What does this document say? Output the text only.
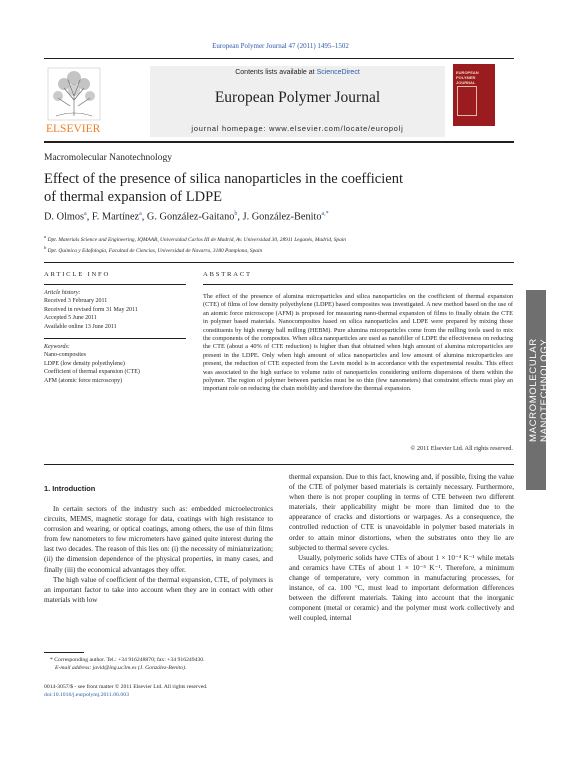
European Polymer Journal 47 (2011) 1495–1502
ELSEVIER
Contents lists available at ScienceDirect
European Polymer Journal
journal homepage: www.elsevier.com/locate/europolj
EUROPEAN POLYMER JOURNAL
Macromolecular Nanotechnology
Effect of the presence of silica nanoparticles in the coefficient
of thermal expansion of LDPE
D. Olmos$^a$, F. Martínez$^a$, G. González-Gaitano$^b$, J. González-Benito$^{a,*}$
$^a$ Dpt. Materials Science and Engineering, IQMAAB, Universidad Carlos III de Madrid, Av. Universidad 30, 28911 Leganés, Madrid, Spain
$^b$ Dpt. Química y Edafología, Facultad de Ciencias, Universidad de Navarra, 3180 Pamplona, Spain
ARTICLE INFO
Article history:
Received 3 February 2011
Received in revised form 31 May 2011
Accepted 5 June 2011
Available online 13 June 2011
Keywords:
Nano-composites
LDPE (low density polyethylene)
Coefficient of thermal expansion (CTE)
AFM (atomic force microscopy)
ABSTRACT
The effect of the presence of alumina microparticles and silica nanoparticles on the coefficient of thermal expansion (CTE) of films of low density polyethylene (LDPE) based composites was investigated. A new method based on the use of an atomic force microscope (AFM) is proposed for measuring nano-thermal expansion of films to finally obtain the CTE in polymer based materials. Nanocomposites based on silica nanoparticles and LDPE were prepared by mixing those constituents by high energy ball milling (HEBM). Pure alumina microparticles come from the milling tools used to mix the components of the composites. When silica nanoparticles are used as nanofiller of LDPE the effectiveness on reducing the CTE (about a 40% of CTE reduction) is higher than that obtained when high amount of alumina microparticles are present in the LDPE. Only when high amount of silica nanoparticles and low amount of alumina microparticles are present, the reduction of CTE expected from the Levin model is in accordance with the experimental results. This effect was associated to the high surface to volume ratio of nanoparticles considering uniform dispersions of them within the polymer. The region of polymer between particles must be so thin (few nanometers) that constraint effects must play an important role on reducing the chain mobility and therefore the thermal expansion.
© 2011 Elsevier Ltd. All rights reserved.
MACROMOLECULAR NANOTECHNOLOGY
1. Introduction

In certain sectors of the industry such as: embedded microelectronics circuits, MEMS, magnetic storage for data, coatings with high resistance to corrosion and wearing, or optical coatings, among others, the use of thin films from few nanometers to few micrometers have gained quite interest during the last two decades. The reason of this lies on: (i) the necessity of miniaturization; (ii) the dimension dependence of the physical properties, in many cases, and finally (iii) the economical advantages they offer.

The high value of coefficient of the thermal expansion, CTE, of polymers is an important factor to take into account when they are in contact with other materials with low

thermal expansion. Due to this fact, knowing and, if possible, fixing the value of the CTE of polymer based materials is certainly necessary. Furthermore, when there is not proper coupling in terms of CTE between two different materials, their applicability might be more than limited due to the appearance of cracks and distortions or warpages. As a consequence, the controlled reduction of CTE is unavoidable in polymer based materials in order to attain minor distortions, when the substrates onto they lie are subjected to thermal severe cycles.

Usually, polymeric solids have CTEs of about 1 × 10⁻⁴ K⁻¹ while metals and ceramics have CTEs of about 1 × 10⁻⁵ K⁻¹. Therefore, a minimum change of temperature, very common in manufacturing processes, for instance, of ca. 100 °C, must lead to important deformation differences between the different materials. Taking into account that the inorganic component (metal or ceramic) and the polymer must work collectively and well coupled, internal

* Corresponding author. Tel.: +34 916248870; fax: +34 916249430.
E-mail address: javid@ing.uc3m.es (J. González-Benito).
0014-3057/$ - see front matter © 2011 Elsevier Ltd. All rights reserved.
doi:10.1016/j.eurpolymj.2011.06.003
